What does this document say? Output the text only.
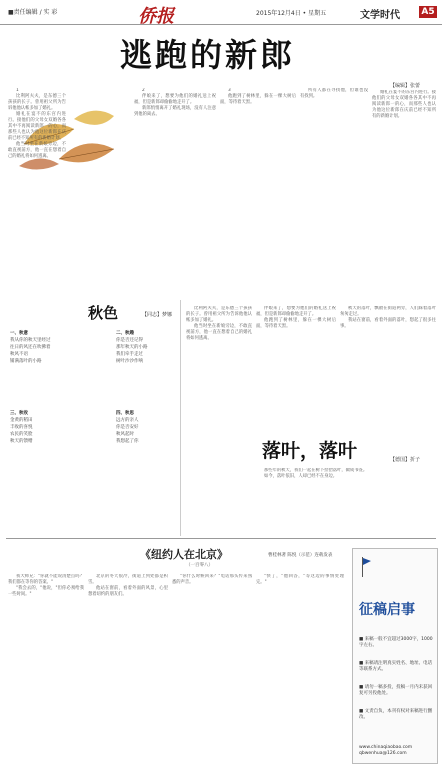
■责任编辑 / 实 彩	侨报	2015年12月4日 • 星期五	文学时代 A5
逃跑的新郎
【编辑】张蕾

1

比利阿夫夫，是东德三个孩孩的长子。曾用祖父所为告诉他他认帐多加了婚礼。

婚礼在宴不的东宫内进行。接他们的父母女双婚各各其中不再阅读新郎一的心，而那些人也认为他这位新郎在庆前已经不知所有的新婚计划。

他当时坐在新娘旁边，不敢直视前方，他一直在想着自己的婚礼将如何逃离。

2

伴娘来了，想要为他们的婚礼送上祝福，但是新郎却偷偷地走开了。

新郎悄悄离开了婚礼现场，没有人注意到他的离去。

3

他跑到了树林里，躲在一棵大树后面，等待着天黑。

所有人都在寻找他，但谁也没有找到。

婚礼在宴不的东宫内进行。接他们的父母女双婚各各其中不再阅读新郎一的心，而那些人也认为他这位新郎在庆前已经不知所有的新婚计划。

秋色	【同志】梦娜
一、秋意
我从你的秋天里经过
往日的风还在吹拂着
秋风不语
铺满落叶的小路
三、秋收
金黄的稻田
丰收的喜悦
农民的笑脸
秋天的馈赠
二、秋趣
你是否还记得
那年秋天的小路
我们牵手走过
树叶沙沙作响
四、秋思
远方的亲人
你是否安好
秋风起时
我想起了你

比利阿夫夫，是东德三个孩孩的长子。曾用祖父所为告诉他他认帐多加了婚礼。

他当时坐在新娘旁边，不敢直视前方，他一直在想着自己的婚礼将如何逃离。

伴娘来了，想要为他们的婚礼送上祝福，但是新郎却偷偷地走开了。

他跑到了树林里，躲在一棵大树后面，等待着天黑。

落叶，落叶	【德国】折子

秋天的落叶，飘散在街道两旁，人们踩着落叶匆匆走过。

我站在窗前，看着外面的落叶，想起了很多往事。

那些年的秋天，我们一起在树下捡拾落叶，做成书签。

如今，落叶依旧，人却已经不在身边。

《纽约人在北京》	曹桂林著 陈悦（示范）连载发表
（一百零八）

我大师兄："你就不能说清楚点吗？我们都在等你的答案。"

"我会去的，"他说，"但你必须给我一些时间。"

北京的冬天很冷，街道上到处都是积雪。

他站在窗前，看着外面的风景，心里想着纽约的朋友们。

"你什么时候回来？"电话那头传来熟悉的声音。

"快了，"他回答，"等这边的事情处理完。"

征稿启事
■ 来稿一般不宜超过3000字，1000字左右。
■ 来稿请注明真实姓名、地址、电话等联系方式。
■ 请勿一稿多投，投稿一月内未获回复可另投他处。
■ 文责自负，本刊有权对来稿进行删改。
www.chinaqiaobao.com qbwenhua@126.com
